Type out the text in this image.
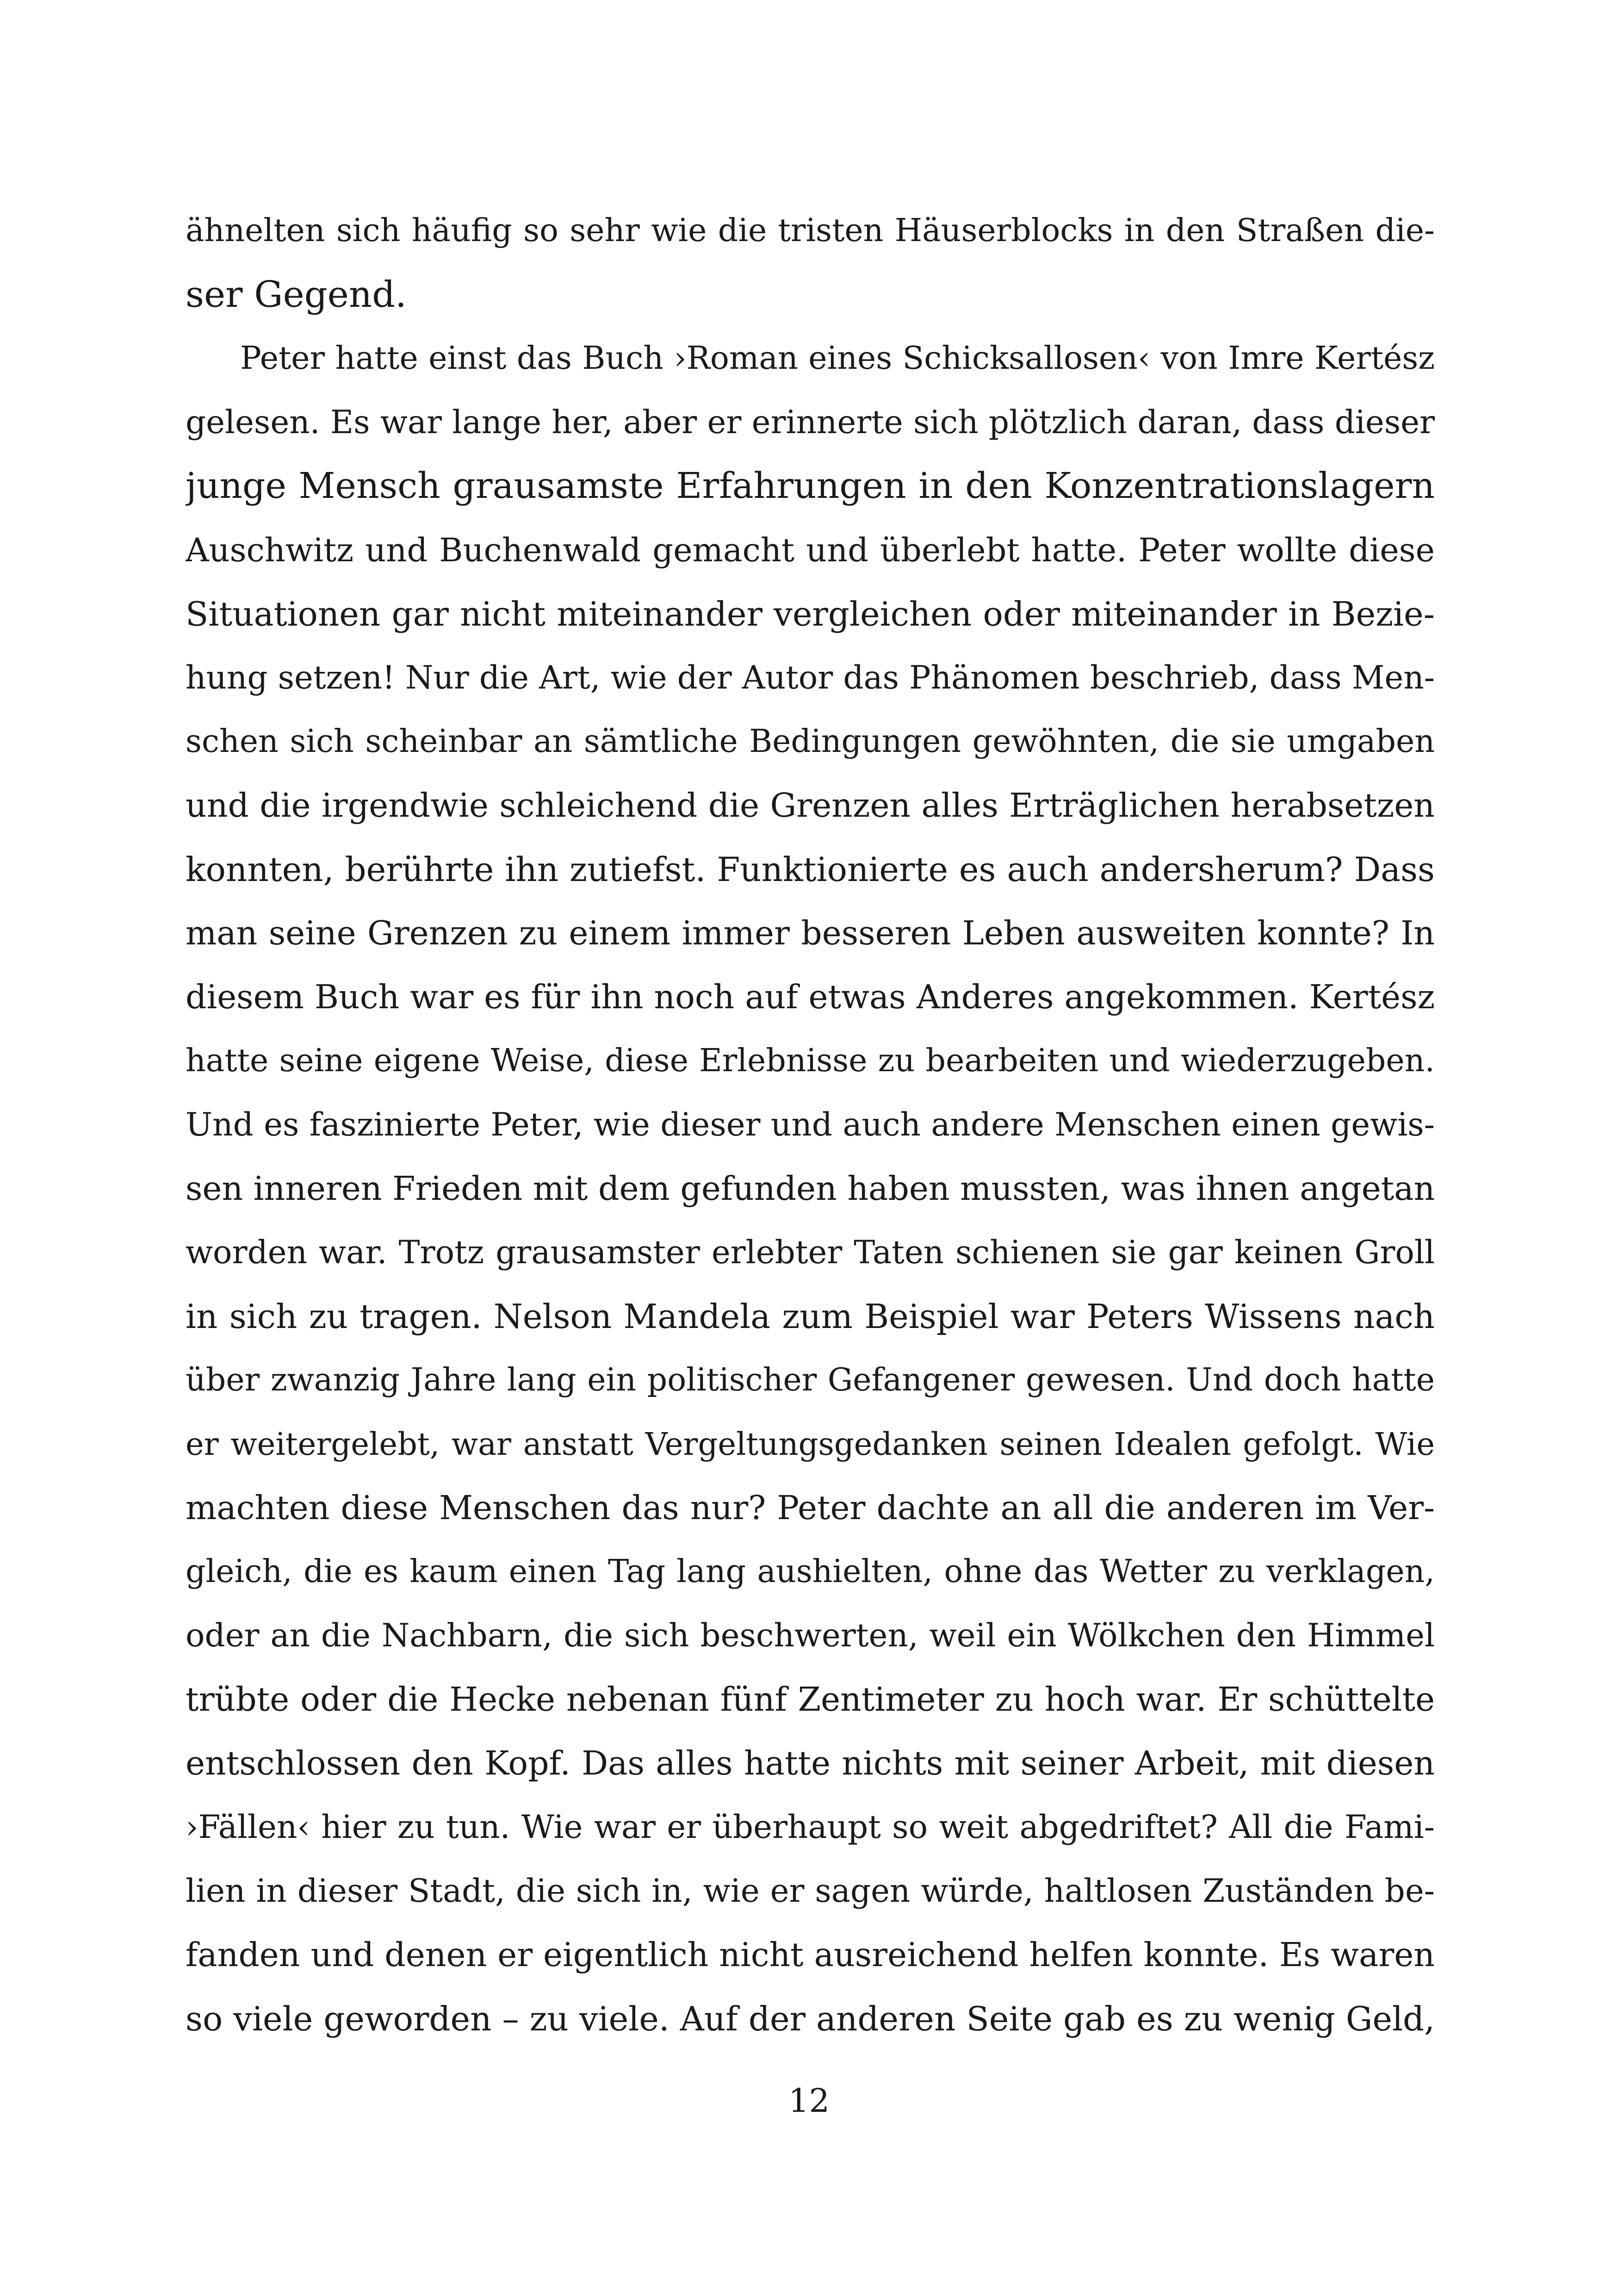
ähnelten sich häufig so sehr wie die tristen Häuserblocks in den Straßen die-
ser Gegend.
Peter hatte einst das Buch ›Roman eines Schicksallosen‹ von Imre Kertész
gelesen. Es war lange her, aber er erinnerte sich plötzlich daran, dass dieser
junge Mensch grausamste Erfahrungen in den Konzentrationslagern
Auschwitz und Buchenwald gemacht und überlebt hatte. Peter wollte diese
Situationen gar nicht miteinander vergleichen oder miteinander in Bezie-
hung setzen! Nur die Art, wie der Autor das Phänomen beschrieb, dass Men-
schen sich scheinbar an sämtliche Bedingungen gewöhnten, die sie umgaben
und die irgendwie schleichend die Grenzen alles Erträglichen herabsetzen
konnten, berührte ihn zutiefst. Funktionierte es auch andersherum? Dass
man seine Grenzen zu einem immer besseren Leben ausweiten konnte? In
diesem Buch war es für ihn noch auf etwas Anderes angekommen. Kertész
hatte seine eigene Weise, diese Erlebnisse zu bearbeiten und wiederzugeben.
Und es faszinierte Peter, wie dieser und auch andere Menschen einen gewis-
sen inneren Frieden mit dem gefunden haben mussten, was ihnen angetan
worden war. Trotz grausamster erlebter Taten schienen sie gar keinen Groll
in sich zu tragen. Nelson Mandela zum Beispiel war Peters Wissens nach
über zwanzig Jahre lang ein politischer Gefangener gewesen. Und doch hatte
er weitergelebt, war anstatt Vergeltungsgedanken seinen Idealen gefolgt. Wie
machten diese Menschen das nur? Peter dachte an all die anderen im Ver-
gleich, die es kaum einen Tag lang aushielten, ohne das Wetter zu verklagen,
oder an die Nachbarn, die sich beschwerten, weil ein Wölkchen den Himmel
trübte oder die Hecke nebenan fünf Zentimeter zu hoch war. Er schüttelte
entschlossen den Kopf. Das alles hatte nichts mit seiner Arbeit, mit diesen
›Fällen‹ hier zu tun. Wie war er überhaupt so weit abgedriftet? All die Fami-
lien in dieser Stadt, die sich in, wie er sagen würde, haltlosen Zuständen be-
fanden und denen er eigentlich nicht ausreichend helfen konnte. Es waren
so viele geworden – zu viele. Auf der anderen Seite gab es zu wenig Geld,
12
